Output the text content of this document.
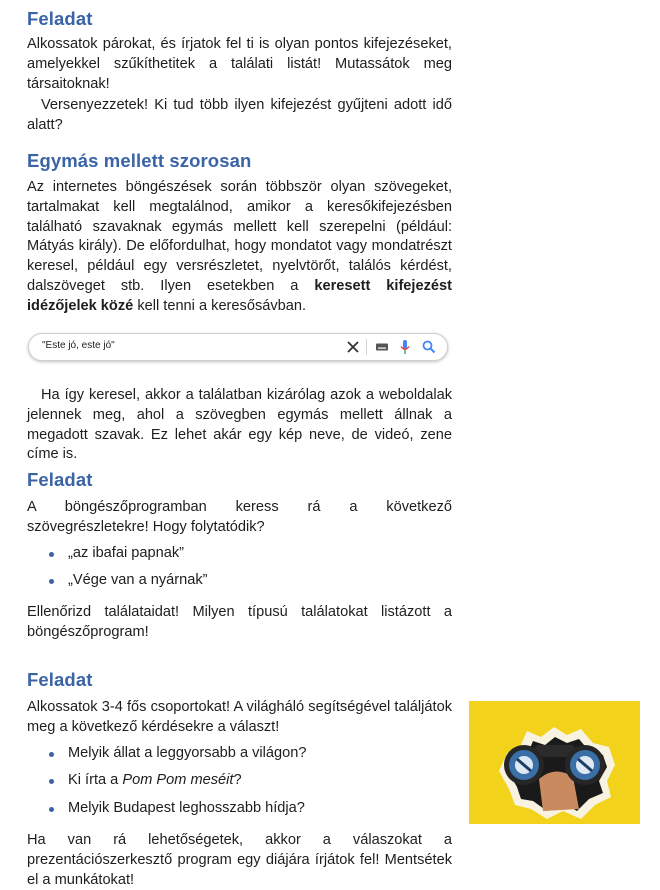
Feladat

Alkossatok párokat, és írjatok fel ti is olyan pontos kifejezéseket, amelyekkel szűkíthetitek a találati listát! Mutassátok meg társaitoknak!

Versenyezzetek! Ki tud több ilyen kifejezést gyűjteni adott idő alatt?

Egymás mellett szorosan

Az internetes böngészések során többször olyan szövegeket, tartalmakat kell megtalálnod, amikor a keresőkifejezésben található szavaknak egymás mellett kell szerepelni (például: Mátyás király). De előfordulhat, hogy mondatot vagy mondatrészt keresel, például egy versrészletet, nyelvtörőt, találós kérdést, dalszöveget stb. Ilyen esetekben a keresett kifejezést idézőjelek közé kell tenni a keresősávban.

"Este jó, este jó"

Ha így keresel, akkor a találatban kizárólag azok a weboldalak jelennek meg, ahol a szövegben egymás mellett állnak a megadott szavak. Ez lehet akár egy kép neve, de videó, zene címe is.

Feladat

A böngészőprogramban keress rá a következő szövegrészletekre! Hogy folytatódik?

„az ibafai papnak”
„Vége van a nyárnak”

Ellenőrizd találataidat! Milyen típusú találatokat listázott a böngészőprogram!

Feladat

Alkossatok 3-4 fős csoportokat! A világháló segítségével találjátok meg a következő kérdésekre a választ!

Melyik állat a leggyorsabb a világon?
Ki írta a Pom Pom meséit?
Melyik Budapest leghosszabb hídja?

Ha van rá lehetőségetek, akkor a válaszokat a prezentációszerkesztő program egy diájára írjátok fel! Mentsétek el a munkátokat!
